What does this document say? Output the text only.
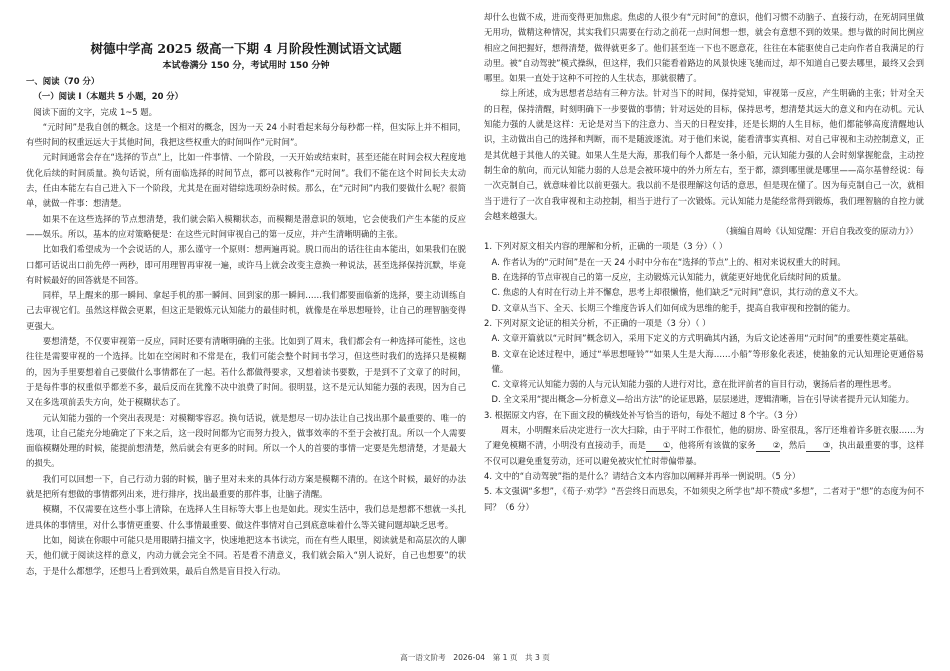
树德中学高 2025 级高一下期 4 月阶段性测试语文试题
本试卷满分 150 分，考试用时 150 分钟

一、阅读（70 分）

（一）阅读 I（本题共 5 小题，20 分）

阅读下面的文字，完成 1~5 题。

“元时间”是我自创的概念。这是一个相对的概念，因为一天 24 小时看起来每分每秒都一样，但实际上并不相同，有些时间的权重远远大于其他时间，我把这些权重大的时间叫作“元时间”。

元时间通常会存在“选择的节点”上，比如一件事情、一个阶段，一天开始或结束时，甚至还能在时间会权大程度地优化后续的时间质量。换句话说，所有面临选择的时间节点，都可以被称作“元时间”。我们不能在这个时间长夫太动去，任由本能左右自己进入下一个阶段，尤其是在面对错综选项纷杂时候。那么，在“元时间”内我们要做什么呢？很简单，就做一件事：想清楚。

如果不在这些选择的节点想清楚，我们就会陷入模糊状态，而模糊是潜意识的领地，它会使我们产生本能的反应——娱乐。所以，基本的应对策略便是：在这些元时间审视自己的第一反应，并产生清晰明确的主张。

比如我们希望成为一个会说话的人，那么谨守一个原则：想两遍再说。脱口而出的话往往由本能出，如果我们在脱口都可话说出口前先停一两秒，即可用理智再审视一遍，或许马上就会改变主意换一种说法，甚至选择保持沉默，毕竟有时候最好的回答就是不回答。

同样，早上醒来的那一瞬间、拿起手机的那一瞬间、回到家的那一瞬间……我们都要面临新的选择，要主动训练自己去审视它们。虽然这样做会更累，但这正是锻炼元认知能力的最佳时机，就像是在举思想哑铃，让自己的理智脑变得更强大。

要想清楚，不仅要审视第一反应，同时还要有清晰明确的主张。比如到了周末，我们都会有一种选择可能性，这也往往是需要审视的一个选择。比如在空闲时和不常是在，我们可能会整个时间书学习，但这些时我们的选择只是模糊的，因为手里要想着自己要做什么事情都在了一起。若什么都做得要求，又想着读书要数，于是到不了文章了的时间，于是每件事的权重似乎都差不多，最后反而在犹豫不决中浪费了时间。很明显，这不是元认知能力强的表现，因为自己又在多选项前丢失方向，处于模糊状态了。

元认知能力强的一个突出表现是：对模糊零容忍。换句话说，就是想尽一切办法让自己找出那个最重要的、唯一的选项，让自己能充分地确定了下来之后，这一段时间都为它而努力投入，做事效率的不至于会被打乱。所以一个人需要面临模糊处理的时候，能提前想清楚，然后就会有更多的时间。所以一个人的首要的事情一定要是先想清楚，才是最大的损失。

我们可以回想一下，自己行动力弱的时候，脑子里对未来的具体行动方案是模糊不清的。在这个时候，最好的办法就是把所有想做的事情都列出来，进行排序，找出最重要的那件事，让脑子清醒。

模糊，不仅需要在这些小事上清除，在选择人生目标等大事上也是如此。现实生活中，我们总是想都不想就一头扎进具体的事情里，对什么事情更重要、什么事情最重要、做这件事情对自己到底意味着什么等关键问题却缺乏思考。

比如，阅读在你眼中可能只是用眼睛扫描文字，快速地把这本书读完，而在有些人眼里，阅读就是和高层次的人聊天，他们就于阅读这样的意义，内动力就会完全不同。若是看不清意义，我们就会陷入“别人说好，自己也想要”的状态，于是什么都想学，还想马上看到效果，最后自然是盲目投入行动。

却什么也做不成，进而变得更加焦虑。焦虑的人很少有“元时间”的意识，他们习惯不动脑子、直接行动，在死胡同里做无用功，做精这种情况，其实我们只需要在行动之前花一点时间想一想，就会有意想不到的效果。想与做的时间比例应相应之间把握好，想得清楚，做得就更多了。他们甚至连一下也不愿意花，往往在本能驱使自己走向作者自我满足的行动里。被“自动驾驶”模式操纵，但这样，我们只能看着路边的风景快速飞驰而过，却不知道自己要去哪里，最终又会到哪里。如果一直处于这种不可控的人生状态，那就很糟了。

综上所述，成为思想者总结有三种方法。针对当下的时间，保持觉知，审视第一反应，产生明确的主张；针对全天的日程，保持清醒，时刻明确下一步要做的事情；针对远处的目标，保持思考，想清楚其远大的意义和内在动机。元认知能力强的人就是这样：无论是对当下的注意力、当天的日程安排，还是长期的人生目标，他们都能够高度清醒地认识，主动做出自己的选择和判断，而不是随波逐流。对于他们来说，能看清事实真相、对自己审视和主动控制意义，正是其优越于其他人的关键。如果人生是大海，那我们每个人都是一条小船，元认知能力强的人会时刻掌握舵盘，主动控制生命的航向，而元认知能力弱的人总是会被环境中的外力所左右，至于都，漂到哪里就是哪里——高尔基曾经说：每一次克制自己，就意味着比以前更强大。我以前不是很理解这句话的意思，但是现在懂了。因为每克制自己一次，就相当于进行了一次自我审视和主动控制，相当于进行了一次锻炼。元认知能力是能经常得到锻炼，我们理智脑的自控力就会越来越强大。

（摘编自周岭《认知觉醒：开启自我改变的原动力》）

1. 下列对原文相关内容的理解和分析，正确的一项是（3 分）（ ）

A. 作者认为的“元时间”是在一天 24 小时中分布在“选择的节点”上的、相对来说权重大的时间。

B. 在选择的节点审视自己的第一反应，主动锻炼元认知能力，就能更好地优化后续时间的质量。

C. 焦虑的人有时在行动上并不懈怠，思考上却很懒惰，他们缺乏“元时间”意识，其行动的意义不大。

D. 文章从当下、全天、长期三个维度告诉人们如何成为思维的舵手，提高自我审视和控制的能力。

2. 下列对原文论证的相关分析，不正确的一项是（3 分）（ ）

A. 文章开篇就以“元时间”概念切入，采用下定义的方式明确其内涵，为后文论述善用“元时间”的重要性奠定基础。

B. 文章在论述过程中，通过“举思想哑铃”“如果人生是大海……小船”等形象化表述，使抽象的元认知理论更通俗易懂。

C. 文章将元认知能力弱的人与元认知能力强的人进行对比，意在批评前者的盲目行动，褒扬后者的理性思考。

D. 全文采用“提出概念—分析意义—给出方法”的论证思路，层层递进，逻辑清晰，旨在引导读者提升元认知能力。

3. 根据原文内容，在下面文段的横线处补写恰当的语句，每处不超过 8 个字。（3 分）

周末，小明醒来后决定进行一次大扫除，由于平时工作很忙，他的厨房、卧室很乱，客厅还堆着许多脏衣服……为了避免模糊不清，小明没有直接动手，而是 ①，他将所有该做的家务 ②，然后 ③，执出最重要的事，这样不仅可以避免重复劳动，还可以避免被灾忙忙时带偏带暴。

4. 文中的“自动驾驶”指的是什么？请结合文本内容加以阐释并再举一例说明。（5 分）

5. 本文强调“多想”，《荀子·劝学》“吾尝终日而思矣，不如须臾之所学也”却不赞成“多想”，二者对于“想”的态度为何不同？（6 分）

高一语文阶考　2026-04　第 1 页　共 3 页
